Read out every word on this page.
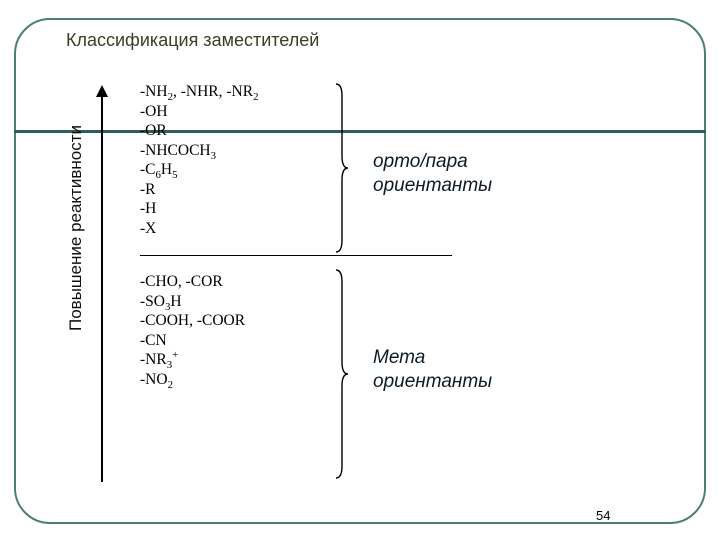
Классификация заместителей
Повышение реактивности
$-NH_2$, -NHR, $-NR_2$
-OH
-OR
$-NHCOCH_3$
$-C_6H_5$
-R
-H
-X
-CHO, -COR
$-SO_3H$
-COOH, -COOR
-CN
$-NR_3^+$
$-NO_2$
орто/пара
ориентанты
Мета
ориентанты
54
